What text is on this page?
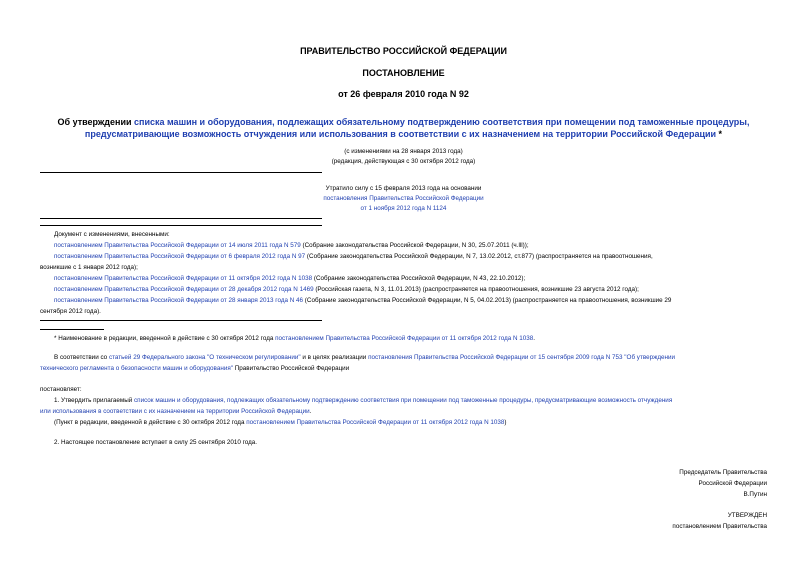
ПРАВИТЕЛЬСТВО РОССИЙСКОЙ ФЕДЕРАЦИИ
ПОСТАНОВЛЕНИЕ
от 26 февраля 2010 года N 92
Об утверждении списка машин и оборудования, подлежащих обязательному подтверждению соответствия при помещении под таможенные процедуры,
предусматривающие возможность отчуждения или использования в соответствии с их назначением на территории Российской Федерации *
(с изменениями на 28 января 2013 года)
(редакция, действующая с 30 октября 2012 года)
Утратило силу с 15 февраля 2013 года на основании
постановления Правительства Российской Федерации
от 1 ноября 2012 года N 1124
Документ с изменениями, внесенными:
постановлением Правительства Российской Федерации от 14 июля 2011 года N 579 (Собрание законодательства Российской Федерации, N 30, 25.07.2011 (ч.lll));
постановлением Правительства Российской Федерации от 6 февраля 2012 года N 97 (Собрание законодательства Российской Федерации, N 7, 13.02.2012, ст.877) (распространяется на правоотношения,
возникшие с 1 января 2012 года);
постановлением Правительства Российской Федерации от 11 октября 2012 года N 1038 (Собрание законодательства Российской Федерации, N 43, 22.10.2012);
постановлением Правительства Российской Федерации от 28 декабря 2012 года N 1469 (Российская газета, N 3, 11.01.2013) (распространяется на правоотношения, возникшие 23 августа 2012 года);
постановлением Правительства Российской Федерации от 28 января 2013 года N 46 (Собрание законодательства Российской Федерации, N 5, 04.02.2013) (распространяется на правоотношения, возникшие 29
сентября 2012 года).
* Наименование в редакции, введенной в действие с 30 октября 2012 года постановлением Правительства Российской Федерации от 11 октября 2012 года N 1038.
В соответствии со статьей 29 Федерального закона "О техническом регулировании" и в целях реализации постановления Правительства Российской Федерации от 15 сентября 2009 года N 753 "Об утверждении
технического регламента о безопасности машин и оборудования" Правительство Российской Федерации
постановляет:
1. Утвердить прилагаемый список машин и оборудования, подлежащих обязательному подтверждению соответствия при помещении под таможенные процедуры, предусматривающие возможность отчуждения
или использования в соответствии с их назначением на территории Российской Федерации.
(Пункт в редакции, введенной в действие с 30 октября 2012 года постановлением Правительства Российской Федерации от 11 октября 2012 года N 1038)
2. Настоящее постановление вступает в силу 25 сентября 2010 года.
Председатель Правительства
Российской Федерации
В.Путин
УТВЕРЖДЕН
постановлением Правительства
